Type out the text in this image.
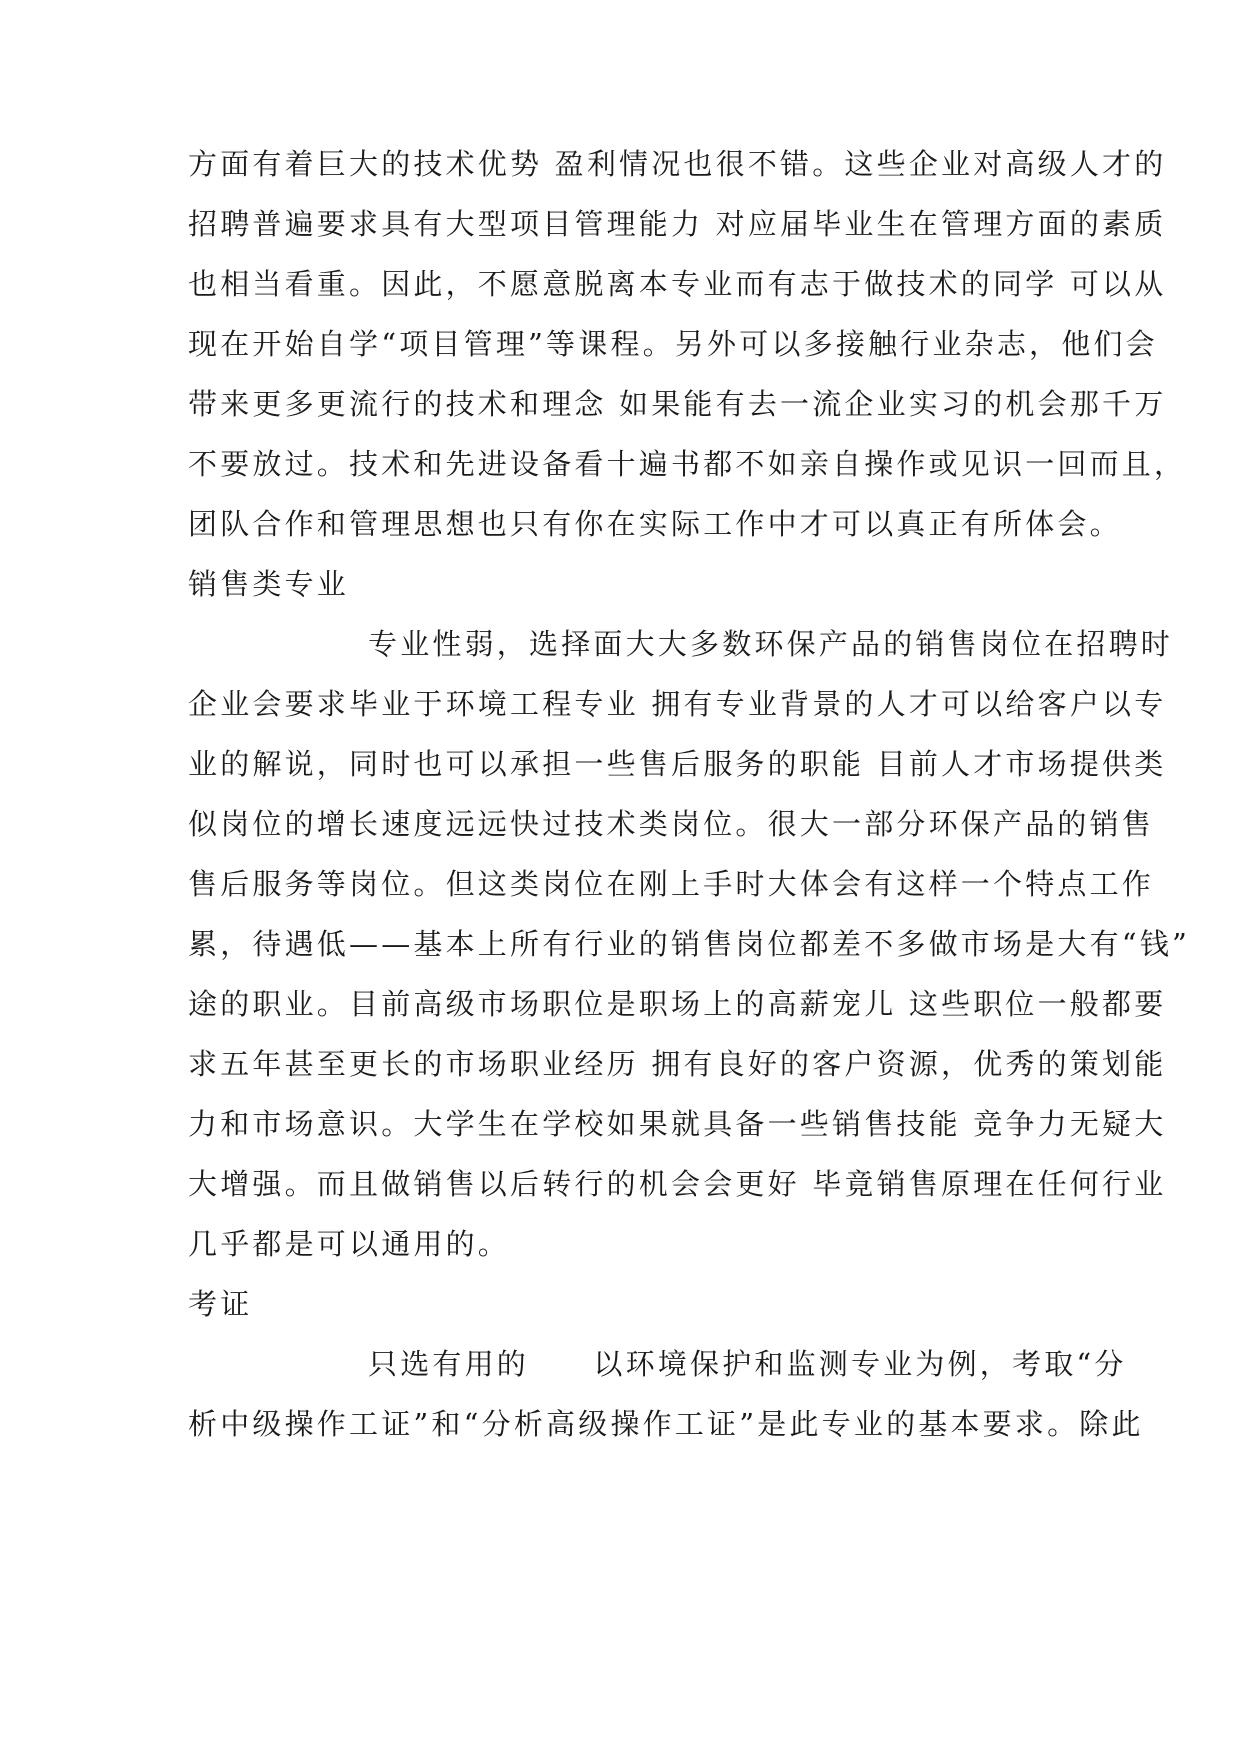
方面有着巨大的技术优势 盈利情况也很不错。这些企业对高级人才的
招聘普遍要求具有大型项目管理能力 对应届毕业生在管理方面的素质
也相当看重。因此，不愿意脱离本专业而有志于做技术的同学 可以从
现在开始自学“项目管理”等课程。另外可以多接触行业杂志，他们会
带来更多更流行的技术和理念 如果能有去一流企业实习的机会那千万
不要放过。技术和先进设备看十遍书都不如亲自操作或见识一回而且，
团队合作和管理思想也只有你在实际工作中才可以真正有所体会。
销售类专业
专业性弱，选择面大大多数环保产品的销售岗位在招聘时
企业会要求毕业于环境工程专业 拥有专业背景的人才可以给客户以专
业的解说，同时也可以承担一些售后服务的职能 目前人才市场提供类
似岗位的增长速度远远快过技术类岗位。很大一部分环保产品的销售
售后服务等岗位。但这类岗位在刚上手时大体会有这样一个特点工作
累，待遇低——基本上所有行业的销售岗位都差不多做市场是大有“钱”
途的职业。目前高级市场职位是职场上的高薪宠儿 这些职位一般都要
求五年甚至更长的市场职业经历 拥有良好的客户资源，优秀的策划能
力和市场意识。大学生在学校如果就具备一些销售技能 竞争力无疑大
大增强。而且做销售以后转行的机会会更好 毕竟销售原理在任何行业
几乎都是可以通用的。
考证
只选有用的　　以环境保护和监测专业为例，考取“分
析中级操作工证”和“分析高级操作工证”是此专业的基本要求。除此
